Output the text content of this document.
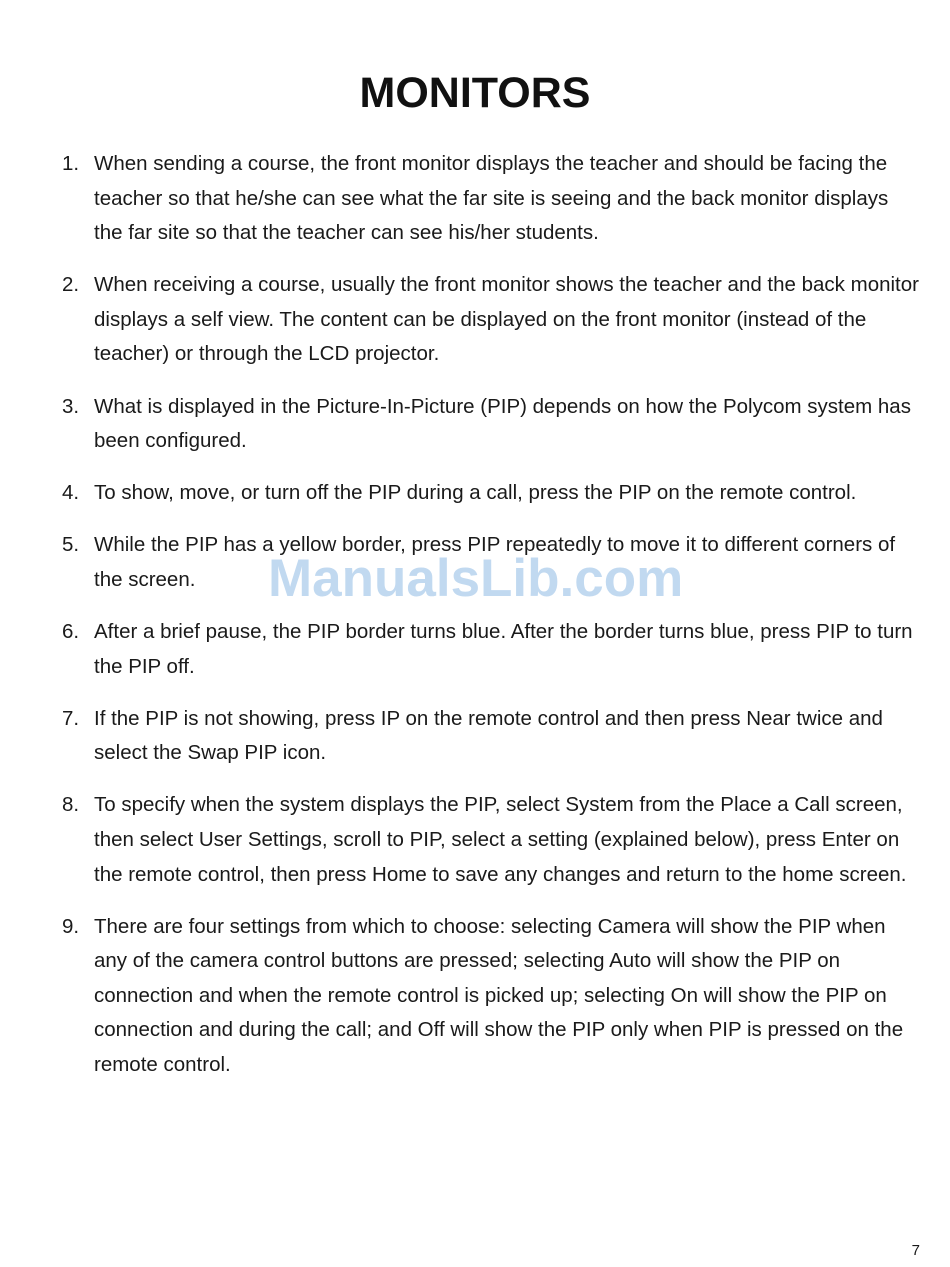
MONITORS
1. When sending a course, the front monitor displays the teacher and should be facing the teacher so that he/she can see what the far site is seeing and the back monitor displays the far site so that the teacher can see his/her students.
2. When receiving a course, usually the front monitor shows the teacher and the back monitor displays a self view. The content can be displayed on the front monitor (instead of the teacher) or through the LCD projector.
3. What is displayed in the Picture-In-Picture (PIP) depends on how the Polycom system has been configured.
4. To show, move, or turn off the PIP during a call, press the PIP on the remote control.
5. While the PIP has a yellow border, press PIP repeatedly to move it to different corners of the screen.
6. After a brief pause, the PIP border turns blue. After the border turns blue, press PIP to turn the PIP off.
7. If the PIP is not showing, press IP on the remote control and then press Near twice and select the Swap PIP icon.
8. To specify when the system displays the PIP, select System from the Place a Call screen, then select User Settings, scroll to PIP, select a setting (explained below), press Enter on the remote control, then press Home to save any changes and return to the home screen.
9. There are four settings from which to choose: selecting Camera will show the PIP when any of the camera control buttons are pressed; selecting Auto will show the PIP on connection and when the remote control is picked up; selecting On will show the PIP on connection and during the call; and Off will show the PIP only when PIP is pressed on the remote control.
ManualsLib.com
7
